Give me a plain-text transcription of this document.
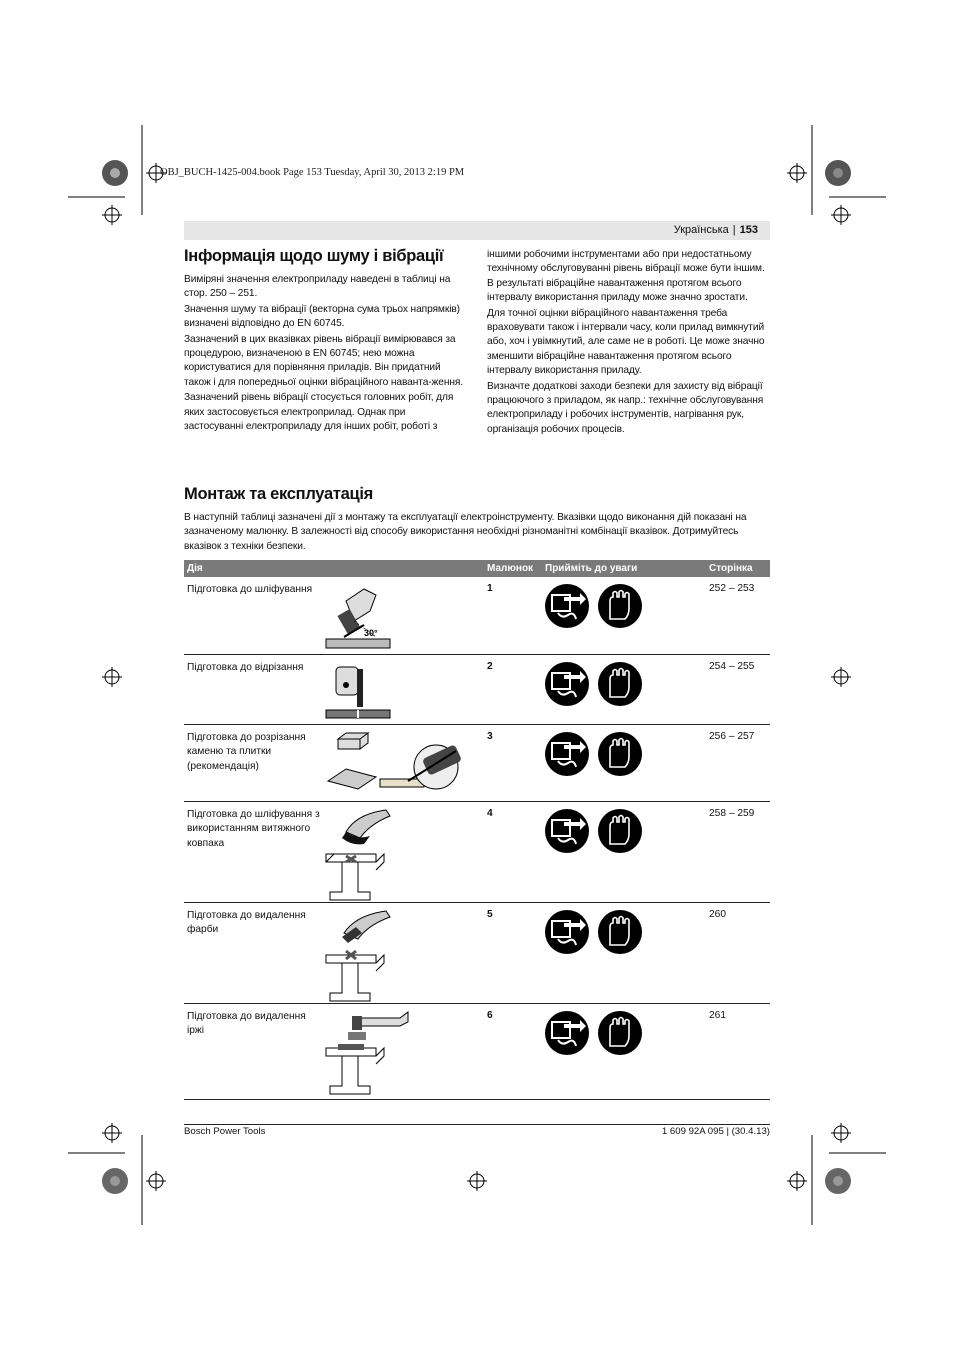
OBJ_BUCH-1425-004.book Page 153 Tuesday, April 30, 2013 2:19 PM
Українська | 153
Інформація щодо шуму і вібрації

Виміряні значення електроприладу наведені в таблиці на стор. 250 – 251.

Значення шуму та вібрації (векторна сума трьох напрямків) визначені відповідно до EN 60745.

Зазначений в цих вказівках рівень вібрації вимірювався за процедурою, визначеною в EN 60745; нею можна користуватися для порівняння приладів. Він придатний також і для попередньої оцінки вібраційного наванта-ження.

Зазначений рівень вібрації стосується головних робіт, для яких застосовується електроприлад. Однак при застосуванні електроприладу для інших робіт, роботі з

іншими робочими інструментами або при недостатньому технічному обслуговуванні рівень вібрації може бути іншим. В результаті вібраційне навантаження протягом всього інтервалу використання приладу може значно зростати.

Для точної оцінки вібраційного навантаження треба враховувати також і інтервали часу, коли прилад вимкнутий або, хоч і увімкнутий, але саме не в роботі. Це може значно зменшити вібраційне навантаження протягом всього інтервалу використання приладу.

Визначте додаткові заходи безпеки для захисту від вібрації працюючого з приладом, як напр.: технічне обслуговування електроприладу і робочих інструментів, нагрівання рук, організація робочих процесів.

Монтаж та експлуатація
В наступній таблиці зазначені дії з монтажу та експлуатації електроінструменту. Вказівки щодо виконання дій показані на зазначеному малюнку. В залежності від способу використання необхідні різноманітні комбінації вказівок. Дотримуйтесь вказівок з техніки безпеки.
Дія	Малюнок Прийміть до уваги	Сторінка
Підготовка до шліфування
30°
1	252 – 253
Підготовка до відрізання	2	254 – 255
Підготовка до розрізання каменю та плитки (рекомендація)
3	256 – 257
Підготовка до шліфування з використанням витяжного ковпака
4	258 – 259
Підготовка до видалення фарби
5	260
Підготовка до видалення іржі
6	261
Bosch Power Tools	1 609 92A 095 | (30.4.13)
